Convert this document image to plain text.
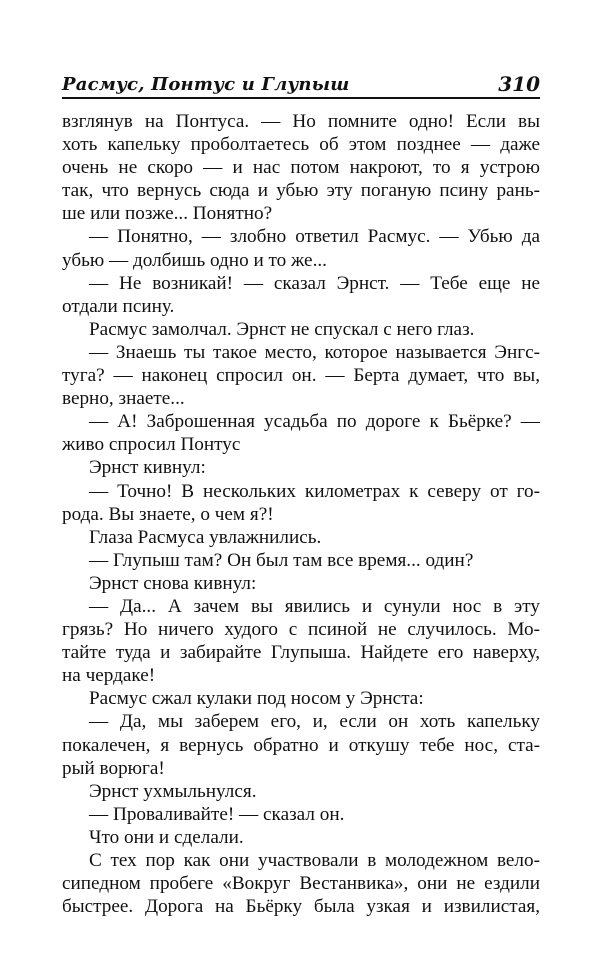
Расмус, Понтус и Глупыш	310
взглянув на Понтуса. — Но помните одно! Если вы
хоть капельку проболтаетесь об этом позднее — даже
очень не скоро — и нас потом накроют, то я устрою
так, что вернусь сюда и убью эту поганую псину рань-
ше или позже... Понятно?
— Понятно, — злобно ответил Расмус. — Убью да
убью — долбишь одно и то же...
— Не возникай! — сказал Эрнст. — Тебе еще не
отдали псину.
Расмус замолчал. Эрнст не спускал с него глаз.
— Знаешь ты такое место, которое называется Энгс-
туга? — наконец спросил он. — Берта думает, что вы,
верно, знаете...
— А! Заброшенная усадьба по дороге к Бьёрке? —
живо спросил Понтус
Эрнст кивнул:
— Точно! В нескольких километрах к северу от го-
рода. Вы знаете, о чем я?!
Глаза Расмуса увлажнились.
— Глупыш там? Он был там все время... один?
Эрнст снова кивнул:
— Да... А зачем вы явились и сунули нос в эту
грязь? Но ничего худого с псиной не случилось. Мо-
тайте туда и забирайте Глупыша. Найдете его наверху,
на чердаке!
Расмус сжал кулаки под носом у Эрнста:
— Да, мы заберем его, и, если он хоть капельку
покалечен, я вернусь обратно и откушу тебе нос, ста-
рый ворюга!
Эрнст ухмыльнулся.
— Проваливайте! — сказал он.
Что они и сделали.
С тех пор как они участвовали в молодежном вело-
сипедном пробеге «Вокруг Вестанвика», они не ездили
быстрее. Дорога на Бьёрку была узкая и извилистая,
